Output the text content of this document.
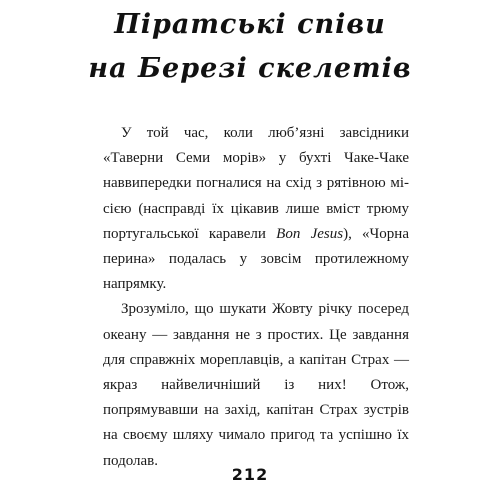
Піратські співи
на Березі скелетів

У той час, коли люб’язні завсідники «Таверни Семи морів» у бухті Чаке-Чаке наввипередки погналися на схід з рятівною місією (насправді їх цікавив лише вміст трюму португальської каравели Bon Jesus), «Чорна перина» подалась у зовсім протилежному напрямку.

Зрозуміло, що шукати Жовту річку посеред океану — завдання не з простих. Це завдання для справжніх мореплавців, а капітан Страх — якраз найвеличніший із них! Отож, попрямувавши на захід, капітан Страх зустрів на своєму шляху чимало пригод та успішно їх подолав.

212
